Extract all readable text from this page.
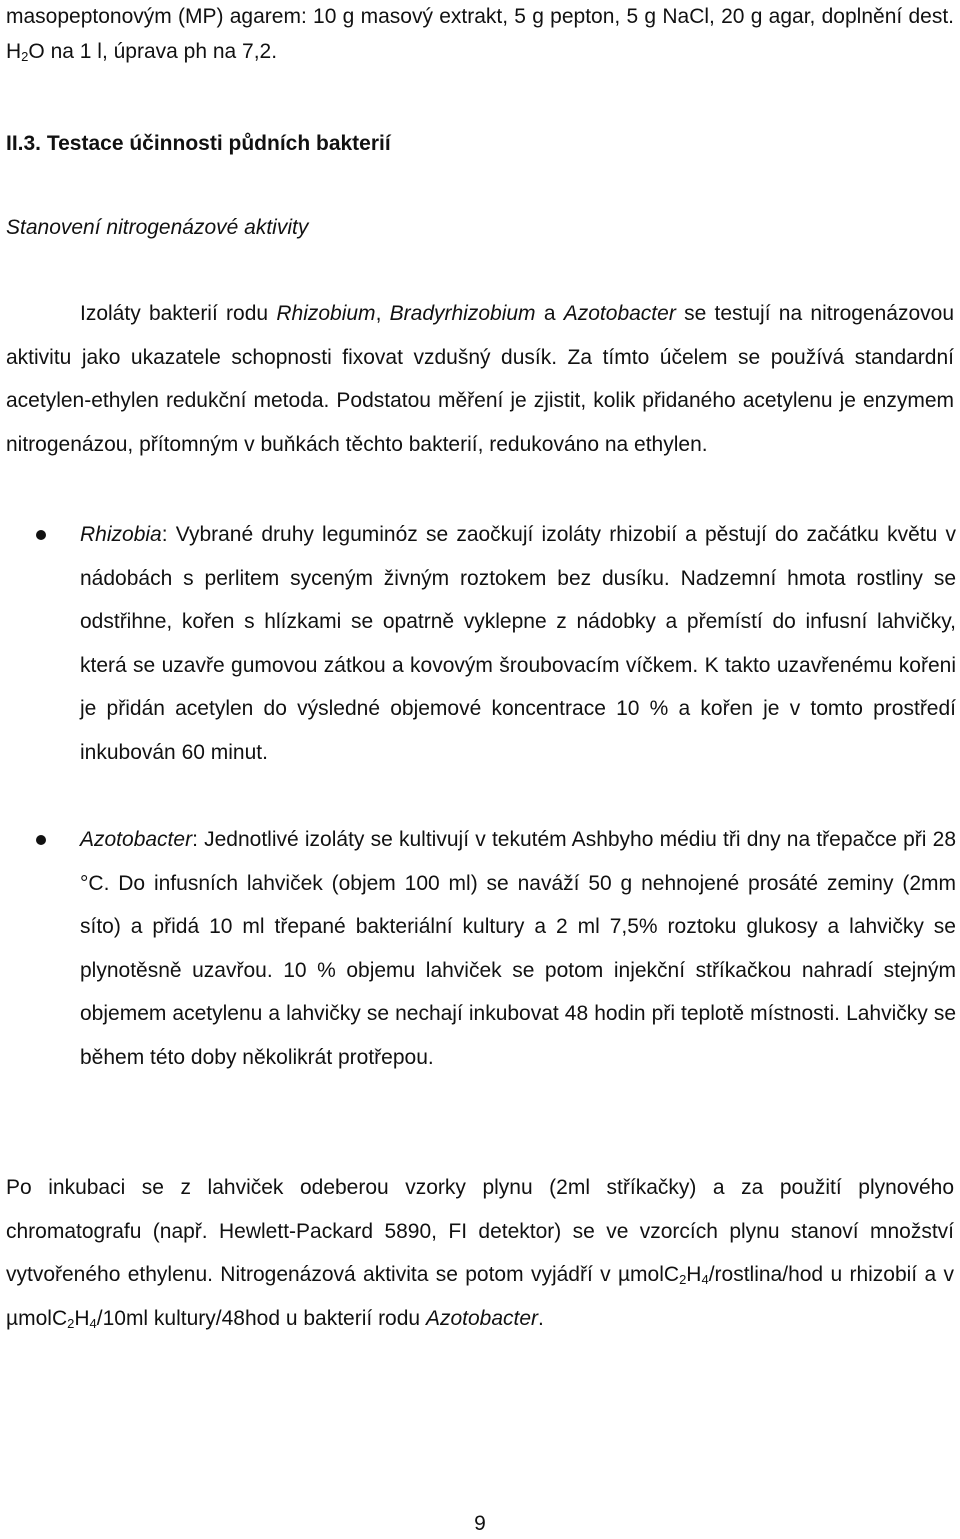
masopeptonovým (MP) agarem: 10 g masový extrakt, 5 g pepton, 5 g NaCl, 20 g agar, doplnění dest. $H_2O$ na 1 l, úprava ph na 7,2.

II.3. Testace účinnosti půdních bakterií

Stanovení nitrogenázové aktivity

Izoláty bakterií rodu Rhizobium, Bradyrhizobium a Azotobacter se testují na nitrogenázovou aktivitu jako ukazatele schopnosti fixovat vzdušný dusík. Za tímto účelem se používá standardní acetylen-ethylen redukční metoda. Podstatou měření je zjistit, kolik přidaného acetylenu je enzymem nitrogenázou, přítomným v buňkách těchto bakterií, redukováno na ethylen.

Rhizobia: Vybrané druhy leguminóz se zaočkují izoláty rhizobií a pěstují do začátku květu v nádobách s perlitem syceným živným roztokem bez dusíku. Nadzemní hmota rostliny se odstřihne, kořen s hlízkami se opatrně vyklepne z nádobky a přemístí do infusní lahvičky, která se uzavře gumovou zátkou a kovovým šroubovacím víčkem. K takto uzavřenému kořeni je přidán acetylen do výsledné objemové koncentrace 10 % a kořen je v tomto prostředí inkubován 60 minut.

Azotobacter: Jednotlivé izoláty se kultivují v tekutém Ashbyho médiu tři dny na třepačce při 28 °C. Do infusních lahviček (objem 100 ml) se naváží 50 g nehnojené prosáté zeminy (2mm síto) a přidá 10 ml třepané bakteriální kultury a 2 ml 7,5% roztoku glukosy a lahvičky se plynotěsně uzavřou. 10 % objemu lahviček se potom injekční stříkačkou nahradí stejným objemem acetylenu a lahvičky se nechají inkubovat 48 hodin při teplotě místnosti. Lahvičky se během této doby několikrát protřepou.

Po inkubaci se z lahviček odeberou vzorky plynu (2ml stříkačky) a za použití plynového chromatografu (např. Hewlett-Packard 5890, FI detektor) se ve vzorcích plynu stanoví množství vytvořeného ethylenu. Nitrogenázová aktivita se potom vyjádří v $\mu molC_2H_4/rostlina$/hod u rhizobií a v $\mu molC_2H_4/10ml$ kultury/48hod u bakterií rodu Azotobacter.

9
